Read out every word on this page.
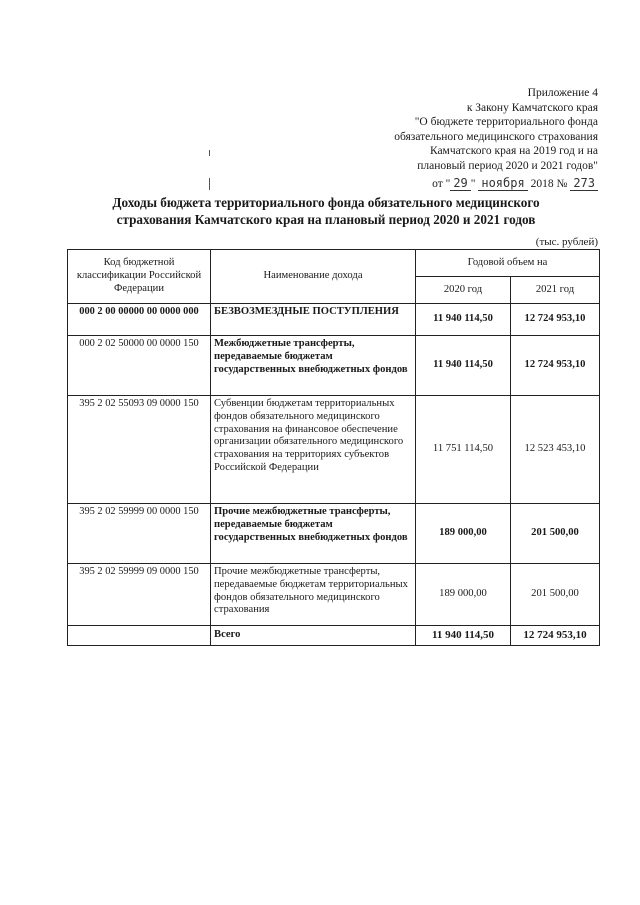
Приложение 4
к Закону Камчатского края
"О бюджете территориального фонда
обязательного медицинского страхования
Камчатского края на 2019 год и на
плановый период 2020 и 2021 годов"
от " 29 " ноября 2018 № 273
Доходы бюджета территориального фонда обязательного медицинского страхования Камчатского края на плановый период 2020 и 2021 годов
(тыс. рублей)
Код бюджетной классификации Российской Федерации	Наименование дохода	Годовой объем на	
		2020 год	2021 год
000 2 00 00000 00 0000 000	БЕЗВОЗМЕЗДНЫЕ ПОСТУПЛЕНИЯ	11 940 114,50	12 724 953,10
000 2 02 50000 00 0000 150	Межбюджетные трансферты, передаваемые бюджетам государственных внебюджетных фондов	11 940 114,50	12 724 953,10
395 2 02 55093 09 0000 150	Субвенции бюджетам территориальных фондов обязательного медицинского страхования на финансовое обеспечение организации обязательного медицинского страхования на территориях субъектов Российской Федерации	11 751 114,50	12 523 453,10
395 2 02 59999 00 0000 150	Прочие межбюджетные трансферты, передаваемые бюджетам государственных внебюджетных фондов	189 000,00	201 500,00
395 2 02 59999 09 0000 150	Прочие межбюджетные трансферты, передаваемые бюджетам территориальных фондов обязательного медицинского страхования	189 000,00	201 500,00
	Всего	11 940 114,50	12 724 953,10
